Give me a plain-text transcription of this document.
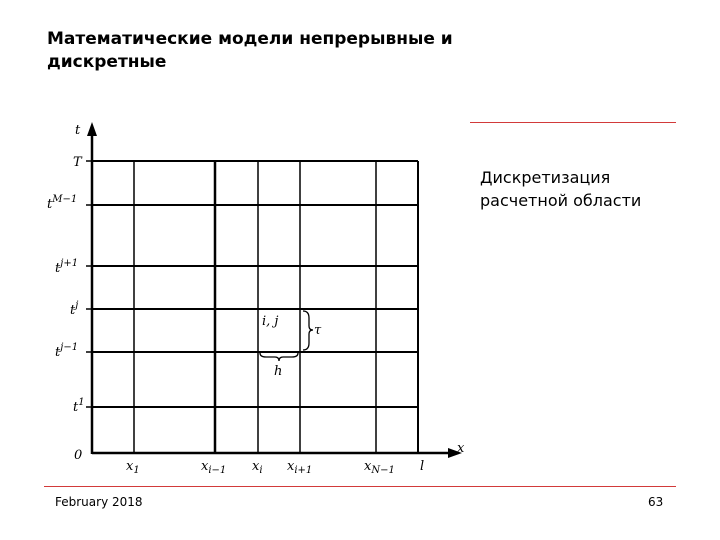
Математические модели непрерывные и дискретные
Дискретизация расчетной области
February 2018	63
t
x
T
$t^{M-1}$
$t^{j+1}$
$t^j$
$t^{j-1}$
$t^1$
0
$x_1$	$x_{i-1}$ $x_i$ $x_{i+1}$	$x_{N-1}$ l
i, j
τ
h
